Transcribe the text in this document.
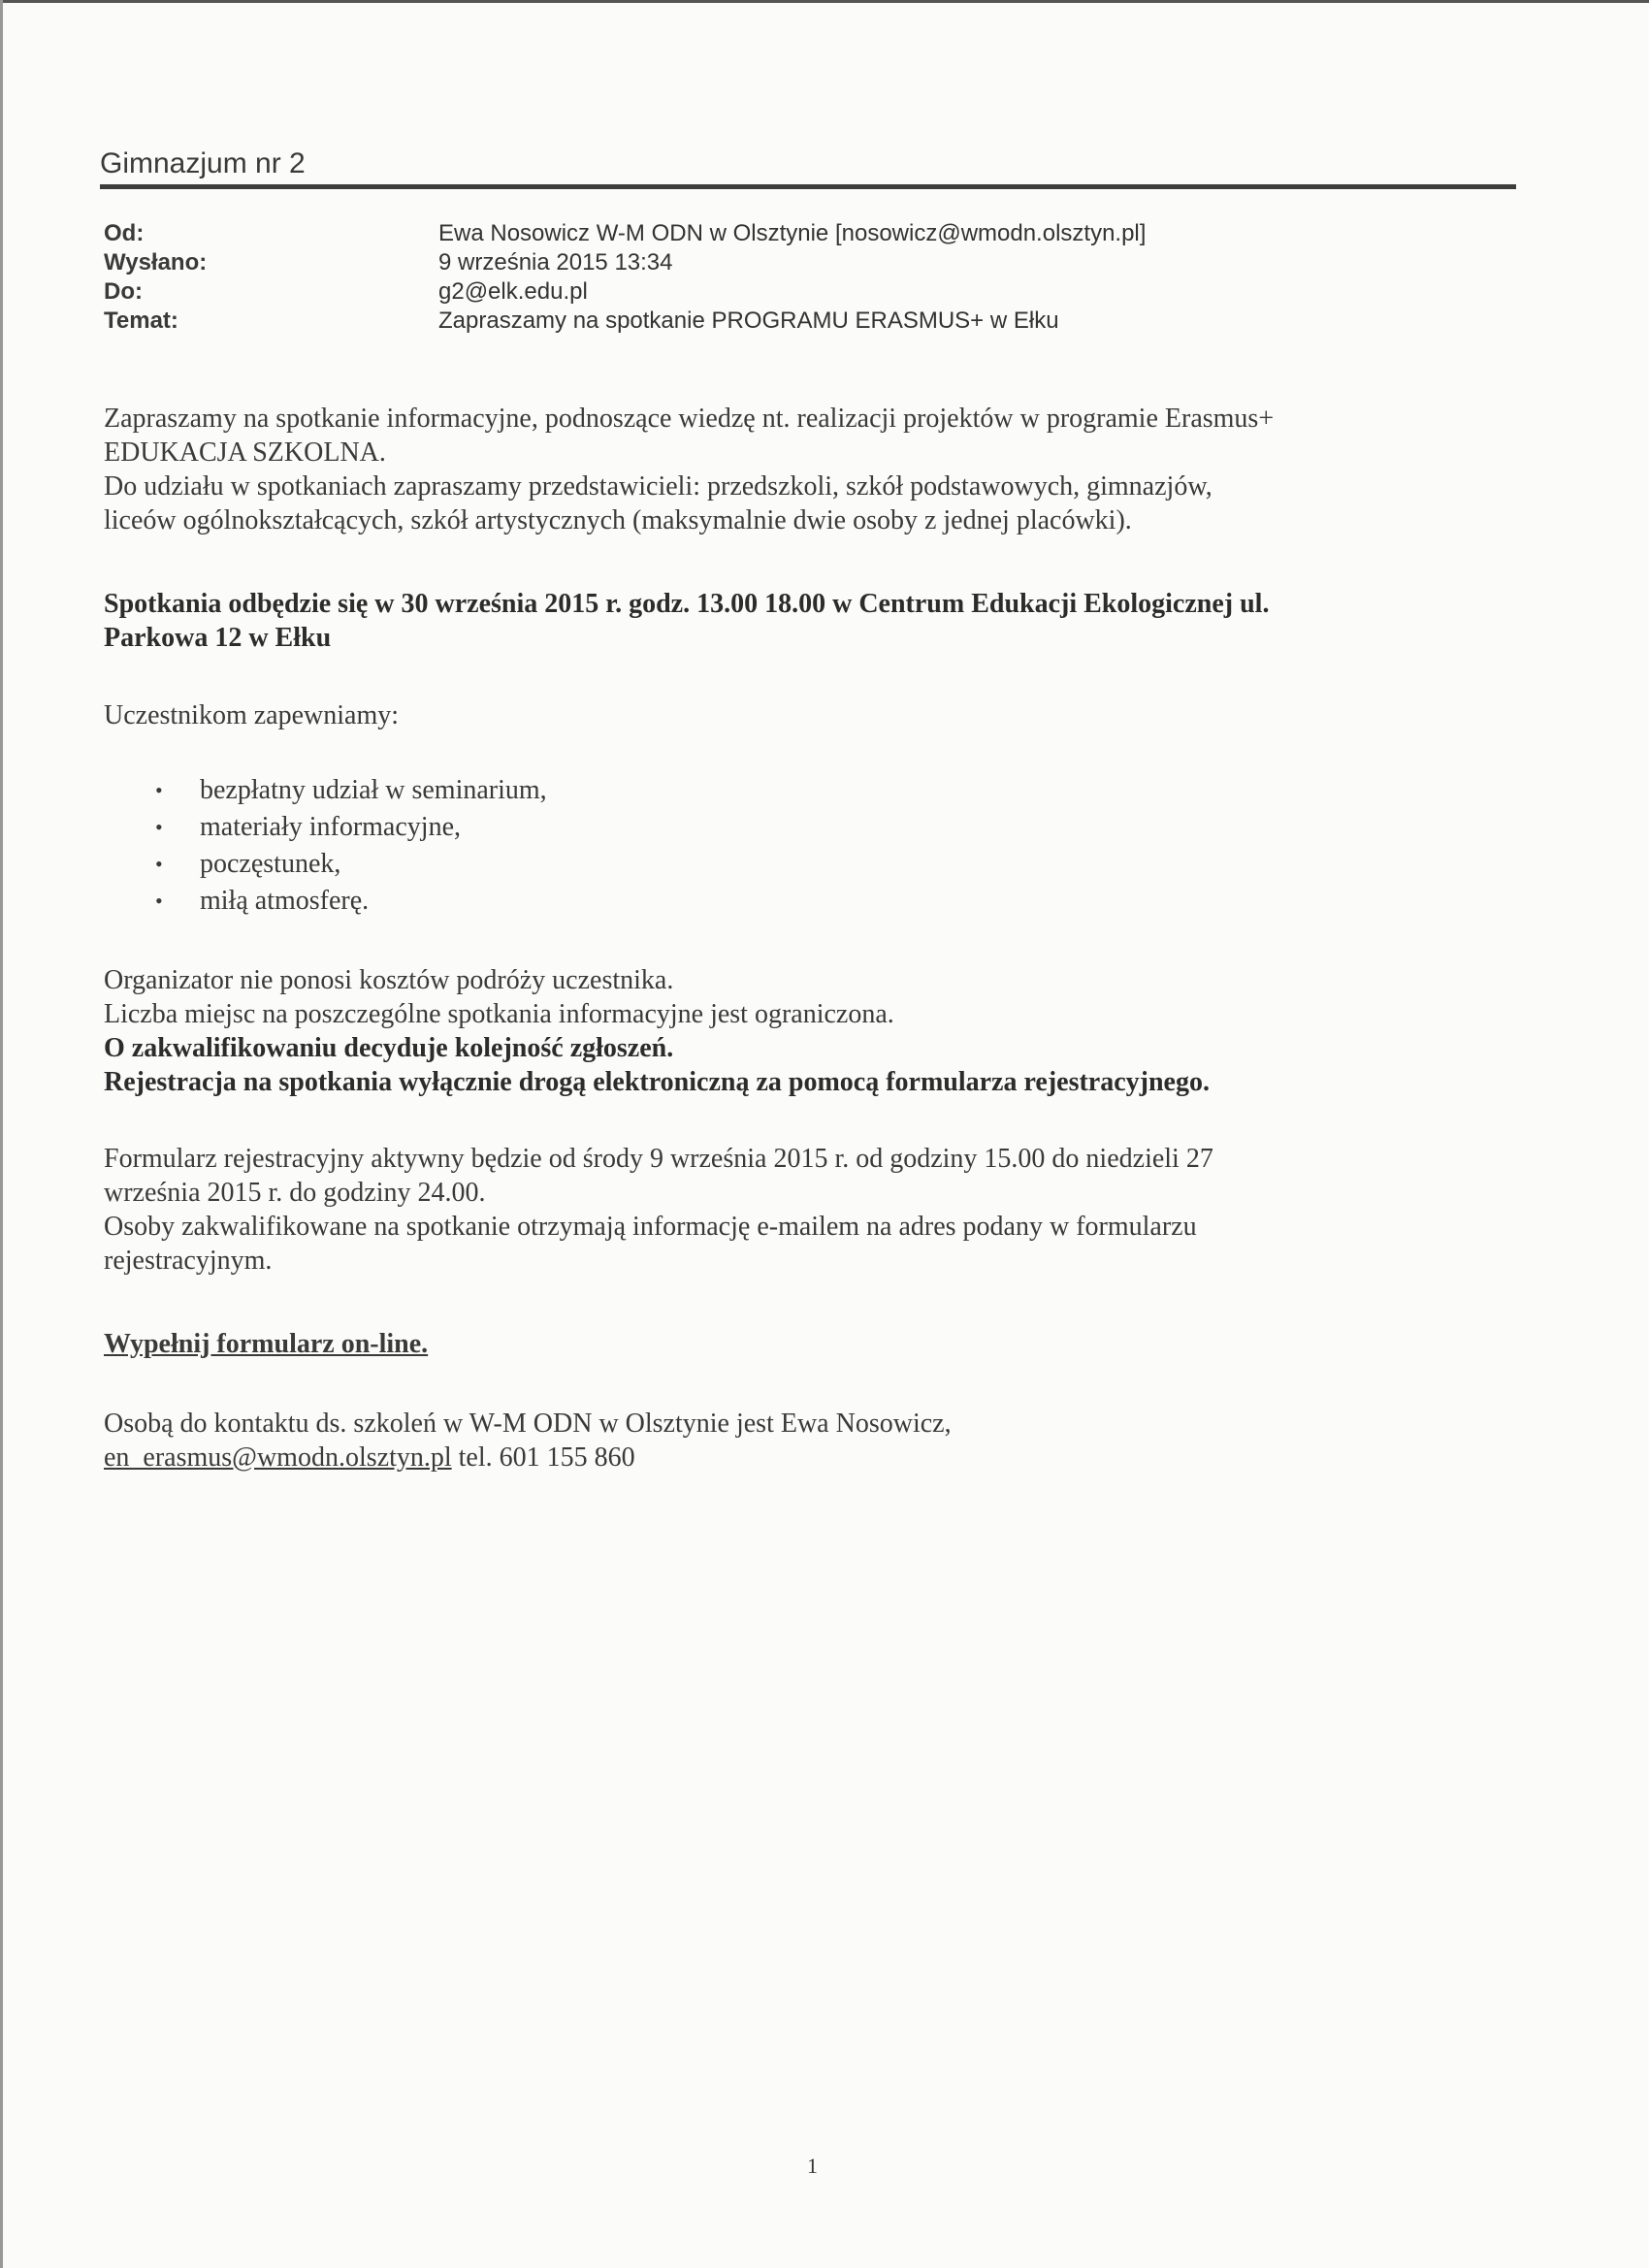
Gimnazjum nr 2

Od:	Ewa Nosowicz W-M ODN w Olsztynie [nosowicz@wmodn.olsztyn.pl]
Wysłano:	9 września 2015 13:34
Do:	g2@elk.edu.pl
Temat:	Zapraszamy na spotkanie PROGRAMU ERASMUS+ w Ełku

Zapraszamy na spotkanie informacyjne, podnoszące wiedzę nt. realizacji projektów w programie Erasmus+

EDUKACJA SZKOLNA.

Do udziału w spotkaniach zapraszamy przedstawicieli: przedszkoli, szkół podstawowych, gimnazjów,

liceów ogólnokształcących, szkół artystycznych (maksymalnie dwie osoby z jednej placówki).

Spotkania odbędzie się w 30 września 2015 r. godz. 13.00 18.00 w Centrum Edukacji Ekologicznej ul.

Parkowa 12 w Ełku

Uczestnikom zapewniamy:

• bezpłatny udział w seminarium,
• materiały informacyjne,
• poczęstunek,
• miłą atmosferę.

Organizator nie ponosi kosztów podróży uczestnika.

Liczba miejsc na poszczególne spotkania informacyjne jest ograniczona.

O zakwalifikowaniu decyduje kolejność zgłoszeń.

Rejestracja na spotkania wyłącznie drogą elektroniczną za pomocą formularza rejestracyjnego.

Formularz rejestracyjny aktywny będzie od środy 9 września 2015 r. od godziny 15.00 do niedzieli 27

września 2015 r. do godziny 24.00.

Osoby zakwalifikowane na spotkanie otrzymają informację e-mailem na adres podany w formularzu

rejestracyjnym.

Wypełnij formularz on-line.

Osobą do kontaktu ds. szkoleń w W-M ODN w Olsztynie jest Ewa Nosowicz,

en_erasmus@wmodn.olsztyn.pl tel. 601 155 860

1
